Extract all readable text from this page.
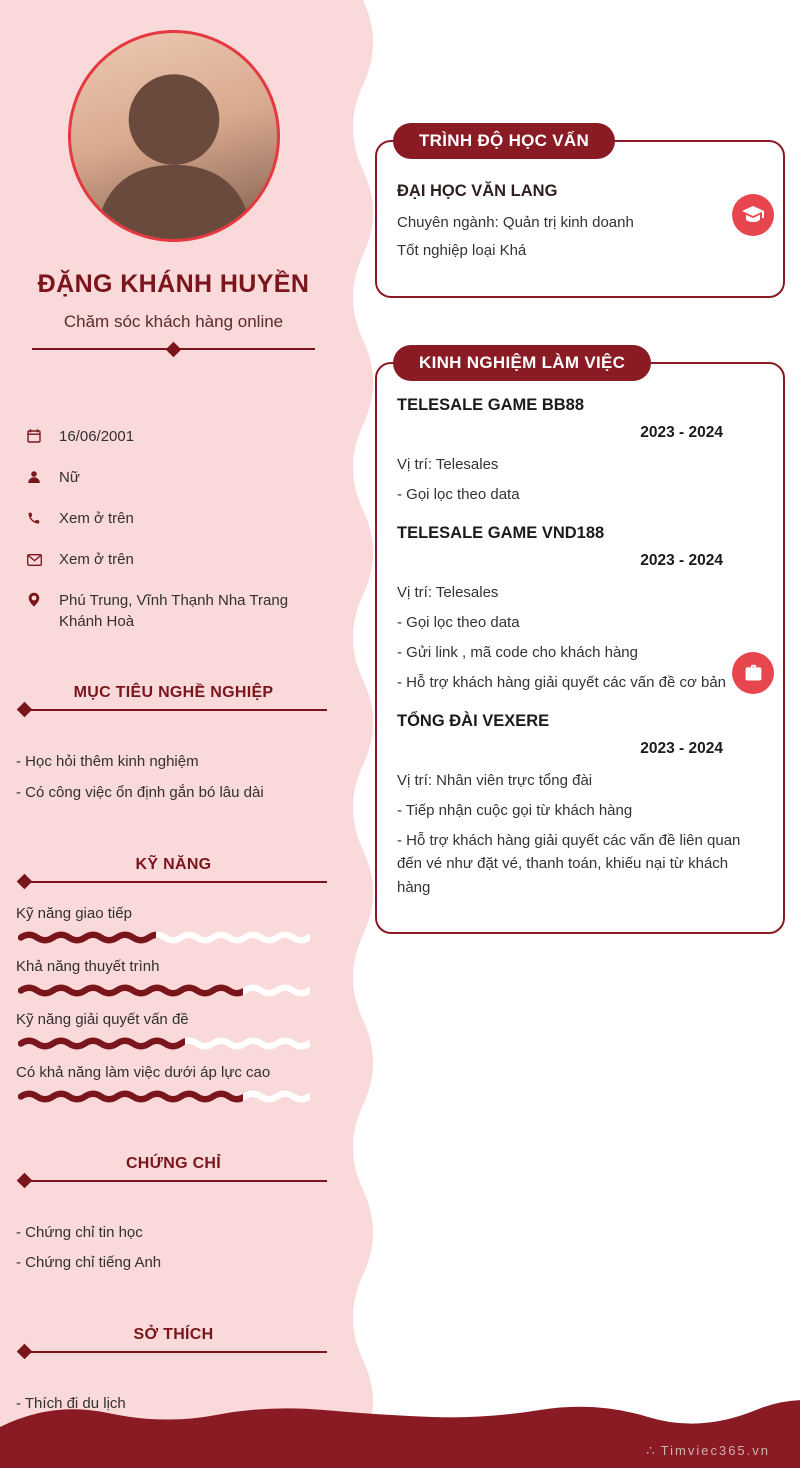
ĐẶNG KHÁNH HUYỀN
Chăm sóc khách hàng online
16/06/2001
Nữ
Xem ở trên
Xem ở trên
Phú Trung, Vĩnh Thạnh Nha Trang Khánh Hoà
MỤC TIÊU NGHỀ NGHIỆP

- Học hỏi thêm kinh nghiệm

- Có công việc ổn định gắn bó lâu dài

KỸ NĂNG
Kỹ năng giao tiếp
Khả năng thuyết trình
Kỹ năng giải quyết vấn đề
Có khả năng làm việc dưới áp lực cao
CHỨNG CHỈ

- Chứng chỉ tin học

- Chứng chỉ tiếng Anh

SỞ THÍCH

- Thích đi du lịch

TRÌNH ĐỘ HỌC VẤN
ĐẠI HỌC VĂN LANG

Chuyên ngành: Quản trị kinh doanh

Tốt nghiệp loại Khá

KINH NGHIỆM LÀM VIỆC
TELESALE GAME BB88
2023 - 2024

Vị trí: Telesales

- Gọi lọc theo data

TELESALE GAME VND188
2023 - 2024

Vị trí: Telesales

- Gọi lọc theo data

- Gửi link , mã code cho khách hàng

- Hỗ trợ khách hàng giải quyết các vấn đề cơ bản

TỔNG ĐÀI VEXERE
2023 - 2024

Vị trí: Nhân viên trực tổng đài

- Tiếp nhận cuộc gọi từ khách hàng

- Hỗ trợ khách hàng giải quyết các vấn đề liên quan đến vé như đặt vé, thanh toán, khiếu nại từ khách hàng

∴ Timviec365.vn
